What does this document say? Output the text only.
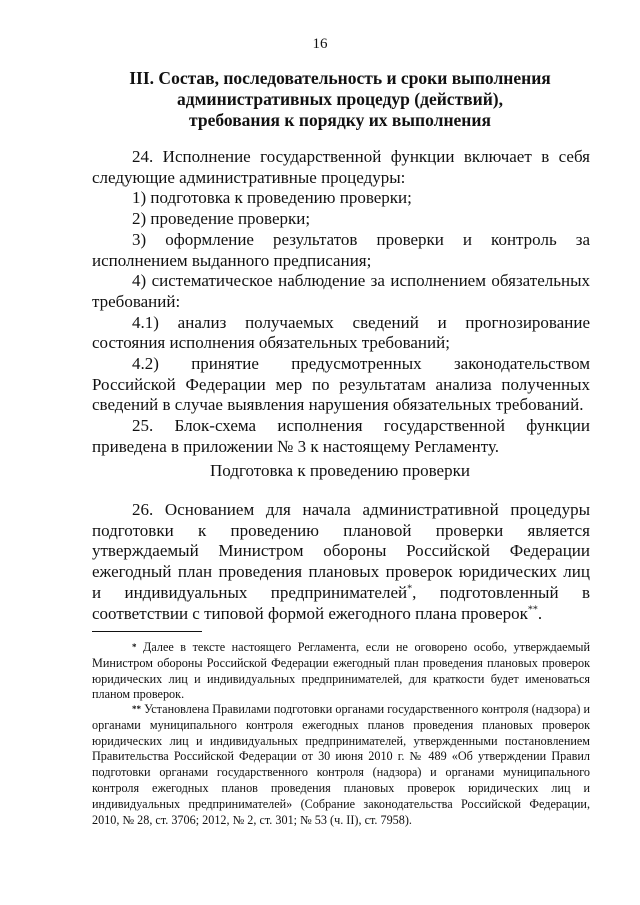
16
III. Состав, последовательность и сроки выполнения
административных процедур (действий),
требования к порядку их выполнения
24. Исполнение государственной функции включает в себя следующие административные процедуры:
1) подготовка к проведению проверки;
2) проведение проверки;
3) оформление результатов проверки и контроль за исполнением выданного предписания;
4) систематическое наблюдение за исполнением обязательных требований:
4.1) анализ получаемых сведений и прогнозирование состояния исполнения обязательных требований;
4.2) принятие предусмотренных законодательством Российской Федерации мер по результатам анализа полученных сведений в случае выявления нарушения обязательных требований.
25. Блок-схема исполнения государственной функции приведена в приложении № 3 к настоящему Регламенту.
Подготовка к проведению проверки
26. Основанием для начала административной процедуры подготовки к проведению плановой проверки является утверждаемый Министром обороны Российской Федерации ежегодный план проведения плановых проверок юридических лиц и индивидуальных предпринимателей*, подготовленный в соответствии с типовой формой ежегодного плана проверок**.
* Далее в тексте настоящего Регламента, если не оговорено особо, утверждаемый Министром обороны Российской Федерации ежегодный план проведения плановых проверок юридических лиц и индивидуальных предпринимателей, для краткости будет именоваться планом проверок.
** Установлена Правилами подготовки органами государственного контроля (надзора) и органами муниципального контроля ежегодных планов проведения плановых проверок юридических лиц и индивидуальных предпринимателей, утвержденными постановлением Правительства Российской Федерации от 30 июня 2010 г. № 489 «Об утверждении Правил подготовки органами государственного контроля (надзора) и органами муниципального контроля ежегодных планов проведения плановых проверок юридических лиц и индивидуальных предпринимателей» (Собрание законодательства Российской Федерации, 2010, № 28, ст. 3706; 2012, № 2, ст. 301; № 53 (ч. II), ст. 7958).
